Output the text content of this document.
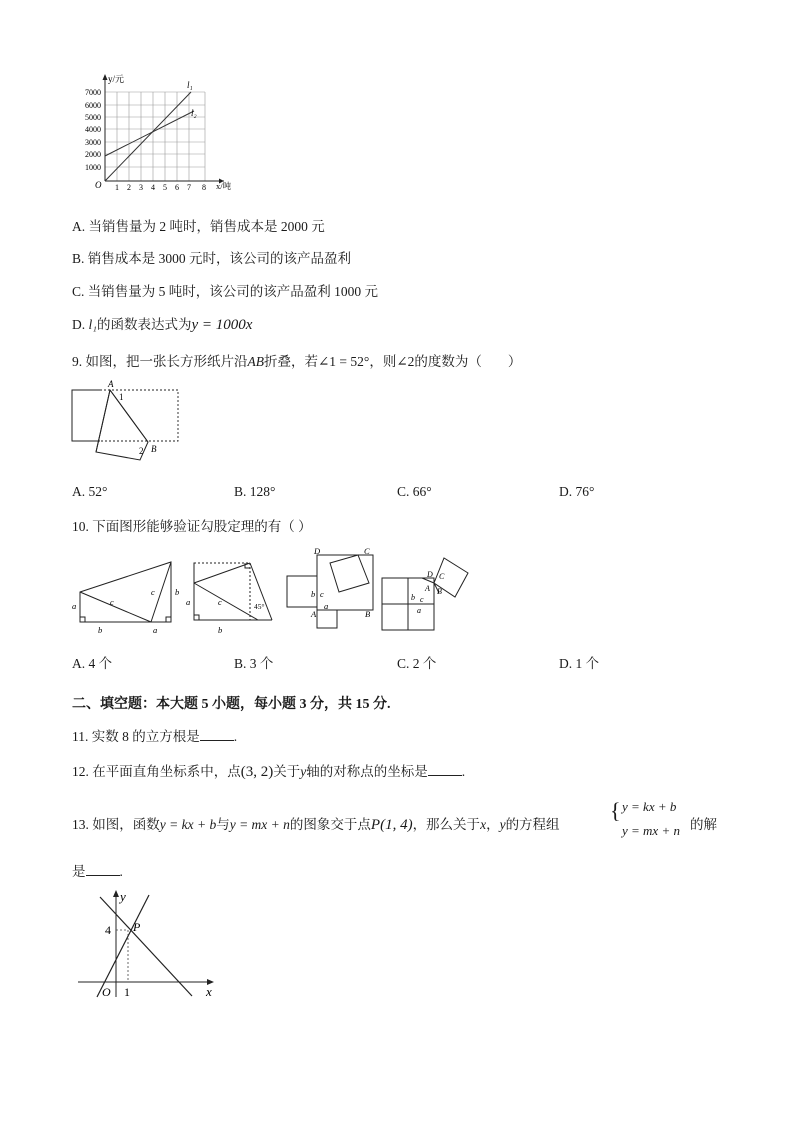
y/元
x/吨
l₁
l₂
O
7000
6000
5000
4000
3000
2000
1000
1 2 3 4 5 6 7 8
A. 当销售量为 2 吨时，销售成本是 2000 元
B. 销售成本是 3000 元时，该公司的该产品盈利
C. 当销售量为 5 吨时，该公司的该产品盈利 1000 元
D. l₁的函数表达式为y = 1000x
9. 如图，把一张长方形纸片沿AB折叠，若∠1 = 52°，则∠2的度数为（ ）
A
B
1
2
A. 52°	B. 128°	C. 66°	D. 76°
10. 下面图形能够验证勾股定理的有（ ）
a
b
c
c b
a
a
b
c	45°
D	C
A	B
b c
a
D C
A B
b c
a
A. 4 个	B. 3 个	C. 2 个	D. 1 个
二、填空题：本大题 5 小题，每小题 3 分，共 15 分.
11. 实数 8 的立方根是	.
12. 在平面直角坐标系中，点(3, 2)关于y轴的对称点的坐标是	.
13. 如图，函数y = kx + b与y = mx + n的图象交于点P(1, 4)，那么关于x，y的方程组
{ y = kx + b
y = mx + n 的解
是	.
y
x
O 1
4 P
